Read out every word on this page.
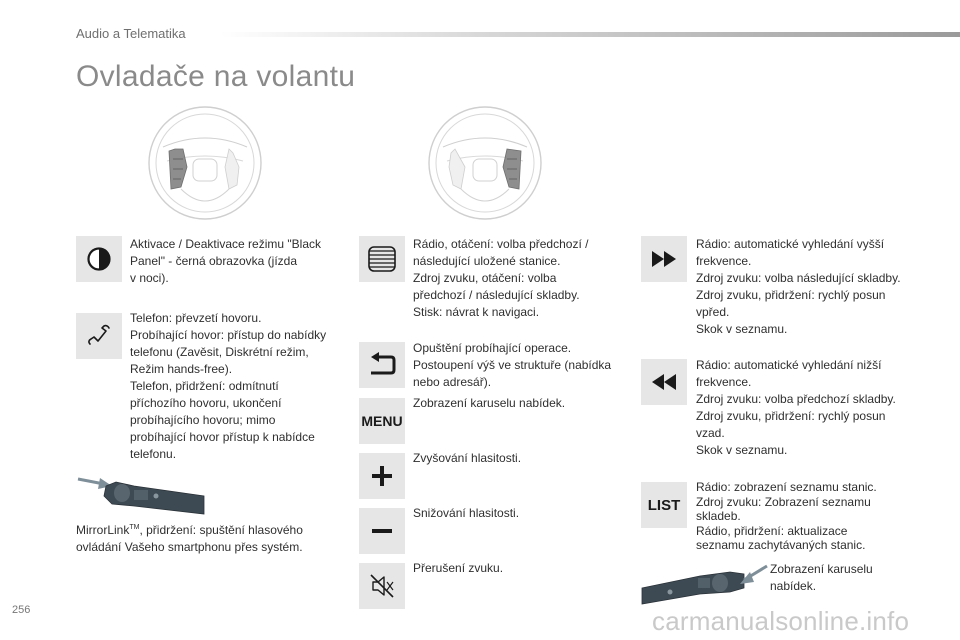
Audio a Telematika
Ovladače na volantu
Aktivace / Deaktivace režimu "Black
Panel" - černá obrazovka (jízda
v noci).
Telefon: převzetí hovoru.
Probíhající hovor: přístup do nabídky
telefonu (Zavěsit, Diskrétní režim,
Režim hands-free).
Telefon, přidržení: odmítnutí
příchozího hovoru, ukončení
probíhajícího hovoru; mimo
probíhající hovor přístup k nabídce
telefonu.
MirrorLink™, přidržení: spuštění hlasového
ovládání Vašeho smartphonu přes systém.
Rádio, otáčení: volba předchozí /
následující uložené stanice.
Zdroj zvuku, otáčení: volba
předchozí / následující skladby.
Stisk: návrat k navigaci.
Opuštění probíhající operace.
Postoupení výš ve struktuře (nabídka
nebo adresář).
MENU
Zobrazení karuselu nabídek.
Zvyšování hlasitosti.
Snižování hlasitosti.
Přerušení zvuku.
Rádio: automatické vyhledání vyšší
frekvence.
Zdroj zvuku: volba následující skladby.
Zdroj zvuku, přidržení: rychlý posun
vpřed.
Skok v seznamu.
Rádio: automatické vyhledání nižší
frekvence.
Zdroj zvuku: volba předchozí skladby.
Zdroj zvuku, přidržení: rychlý posun
vzad.
Skok v seznamu.
LIST
Rádio: zobrazení seznamu stanic.
Zdroj zvuku: Zobrazení seznamu
skladeb.
Rádio, přidržení: aktualizace
seznamu zachytávaných stanic.
Zobrazení karuselu
nabídek.
256	carmanualsonline.info
